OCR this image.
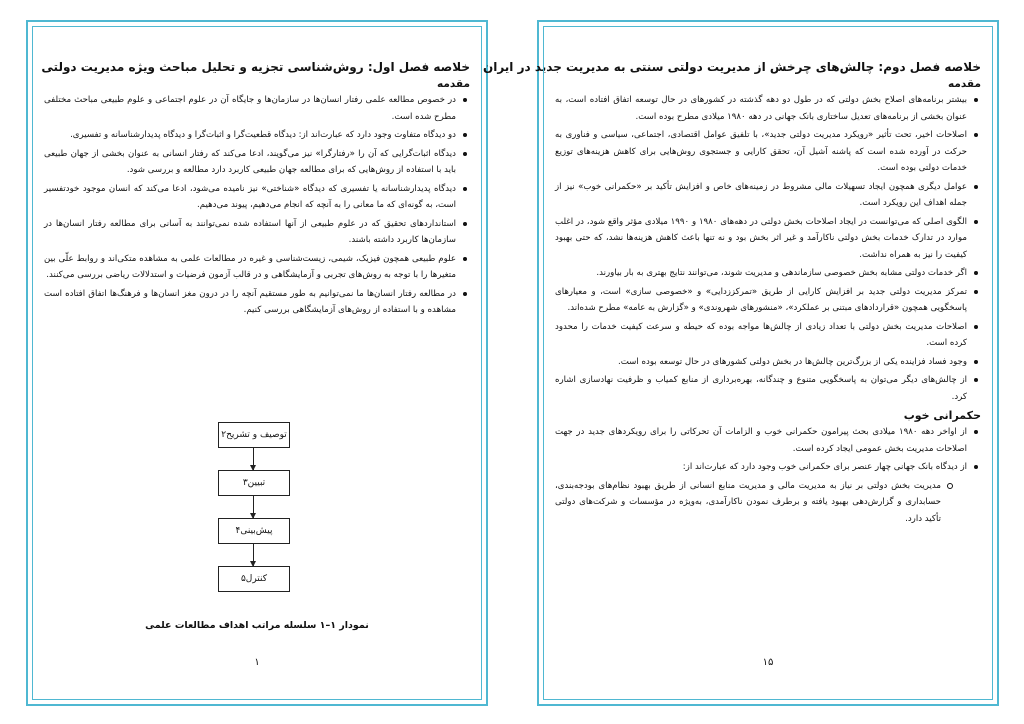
خلاصه فصل اول: روش‌شناسی تجزیه و تحلیل مباحث ویژه مدیریت دولتی
مقدمه
در خصوص مطالعه علمی رفتار انسان‌ها در سازمان‌ها و جایگاه آن در علوم اجتماعی و علوم طبیعی مباحث مختلفی مطرح شده است.
دو دیدگاه متفاوت وجود دارد که عبارت‌اند از: دیدگاه قطعیت‌گرا و اثبات‌گرا و دیدگاه پدیدارشناسانه و تفسیری.
دیدگاه اثبات‌گرایی که آن را «رفتارگرا» نیز می‌گویند، ادعا می‌کند که رفتار انسانی به عنوان بخشی از جهان طبیعی باید با استفاده از روش‌هایی که برای مطالعه جهان طبیعی کاربرد دارد مطالعه و بررسی شود.
دیدگاه پدیدارشناسانه یا تفسیری که دیدگاه «شناختی» نیز نامیده می‌شود، ادعا می‌کند که انسان موجود خودتفسیر است، به گونه‌ای که ما معانی را به آنچه که انجام می‌دهیم، پیوند می‌دهیم.
استانداردهای تحقیق که در علوم طبیعی از آنها استفاده شده نمی‌توانند به آسانی برای مطالعه رفتار انسان‌ها در سازمان‌ها کاربرد داشته باشند.
علوم طبیعی همچون فیزیک، شیمی، زیست‌شناسی و غیره در مطالعات علمی به مشاهده متکی‌اند و روابط علّی بین متغیرها را با توجه به روش‌های تجربی و آزمایشگاهی و در قالب آزمون فرضیات و استدلالات ریاضی بررسی می‌کنند.
در مطالعه رفتار انسان‌ها ما نمی‌توانیم به طور مستقیم آنچه را در درون مغز انسان‌ها و فرهنگ‌ها اتفاق افتاده است مشاهده و با استفاده از روش‌های آزمایشگاهی بررسی کنیم.
توصیف و تشریح۲
تبیین۳
پیش‌بینی۴
کنترل۵
نمودار ۱–۱ سلسله مراتب اهداف مطالعات علمی
۱
خلاصه فصل دوم: چالش‌های چرخش از مدیریت دولتی سنتی به مدیریت جدید در ایران
مقدمه
بیشتر برنامه‌های اصلاح بخش دولتی که در طول دو دهه گذشته در کشورهای در حال توسعه اتفاق افتاده است، به عنوان بخشی از برنامه‌های تعدیل ساختاری بانک جهانی در دهه ۱۹۸۰ میلادی مطرح بوده است.
اصلاحات اخیر، تحت تأثیر «رویکرد مدیریت دولتی جدید»، با تلفیق عوامل اقتصادی، اجتماعی، سیاسی و فناوری به حرکت در آورده شده است که پاشنه آشیل آن، تحقق کارایی و جستجوی روش‌هایی برای کاهش هزینه‌های توزیع خدمات دولتی بوده است.
عوامل دیگری همچون ایجاد تسهیلات مالی مشروط در زمینه‌های خاص و افزایش تأکید بر «حکمرانی خوب» نیز از جمله اهداف این رویکرد است.
الگوی اصلی که می‌توانست در ایجاد اصلاحات بخش دولتی در دهه‌های ۱۹۸۰ و ۱۹۹۰ میلادی مؤثر واقع شود، در اغلب موارد در تدارک خدمات بخش دولتی ناکارآمد و غیر اثر بخش بود و نه تنها باعث کاهش هزینه‌ها نشد، که حتی بهبود کیفیت را نیز به همراه نداشت.
اگر خدمات دولتی مشابه بخش خصوصی سازماندهی و مدیریت شوند، می‌توانند نتایج بهتری به بار بیاورند.
تمرکز مدیریت دولتی جدید بر افزایش کارایی از طریق «تمرکززدایی» و «خصوصی سازی» است، و معیارهای پاسخگویی همچون «قراردادهای مبتنی بر عملکرد»، «منشورهای شهروندی» و «گزارش به عامه» مطرح شده‌اند.
اصلاحات مدیریت بخش دولتی با تعداد زیادی از چالش‌ها مواجه بوده که حیطه و سرعت کیفیت خدمات را محدود کرده است.
وجود فساد فزاینده یکی از بزرگ‌ترین چالش‌ها در بخش دولتی کشورهای در حال توسعه بوده است.
از چالش‌های دیگر می‌توان به پاسخگویی متنوع و چندگانه، بهره‌برداری از منابع کمیاب و ظرفیت نهادسازی اشاره کرد.
حکمرانی خوب
از اواخر دهه ۱۹۸۰ میلادی بحث پیرامون حکمرانی خوب و الزامات آن تحرکاتی را برای رویکردهای جدید در جهت اصلاحات مدیریت بخش عمومی ایجاد کرده است.
از دیدگاه بانک جهانی چهار عنصر برای حکمرانی خوب وجود دارد که عبارت‌اند از:
مدیریت بخش دولتی بر نیاز به مدیریت مالی و مدیریت منابع انسانی از طریق بهبود نظام‌های بودجه‌بندی، حسابداری و گزارش‌دهی بهبود یافته و برطرف نمودن ناکارآمدی، به‌ویژه در مؤسسات و شرکت‌های دولتی تأکید دارد.
۱۵
